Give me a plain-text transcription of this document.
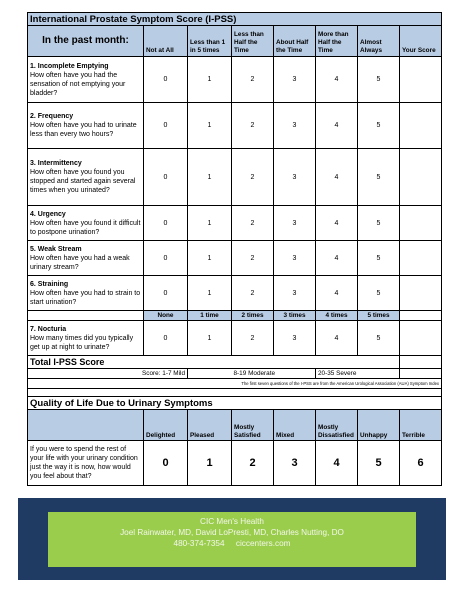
International Prostate Symptom Score (I-PSS)							
In the past month:	Not at All	Less than 1 in 5 times	Less than Half the Time	About Half the Time	More than Half the Time	Almost Always	Your Score

1. Incomplete Emptying
How often have you had the sensation of not emptying your bladder?	0	1	2	3	4	5	

2. Frequency
How often have you had to urinate less than every two hours?	0	1	2	3	4	5	

3. Intermittency
How often have you found you stopped and started again several times when you urinated?	0	1	2	3	4	5	

4. Urgency
How often have you found it difficult to postpone urination?	0	1	2	3	4	5	

5. Weak Stream
How often have you had a weak urinary stream?	0	1	2	3	4	5	

6. Straining
How often have you had to strain to start urination?	0	1	2	3	4	5	
	None	1 time	2 times	3 times	4 times	5 times	

7. Nocturia
How many times did you typically get up at night to urinate?	0	1	2	3	4	5	
Total I-PSS Score							
Score: 1-7 Mild			8-19 Moderate		20-35 Severe		
The first seven questions of the I-PSS are from the American Urological Association (AUA) Symptom Index							

Quality of Life Due to Urinary Symptoms							
	Delighted	Pleased	Mostly Satisfied	Mixed	Mostly Dissatisfied	Unhappy	Terrible
If you were to spend the rest of your life with your urinary condition just the way it is now, how would you feel about that?	0	1	2	3	4	5	6
CIC Men's Health
Joel Rainwater, MD, David LoPresti, MD, Charles Nutting, DO
480-374-7354     ciccenters.com
